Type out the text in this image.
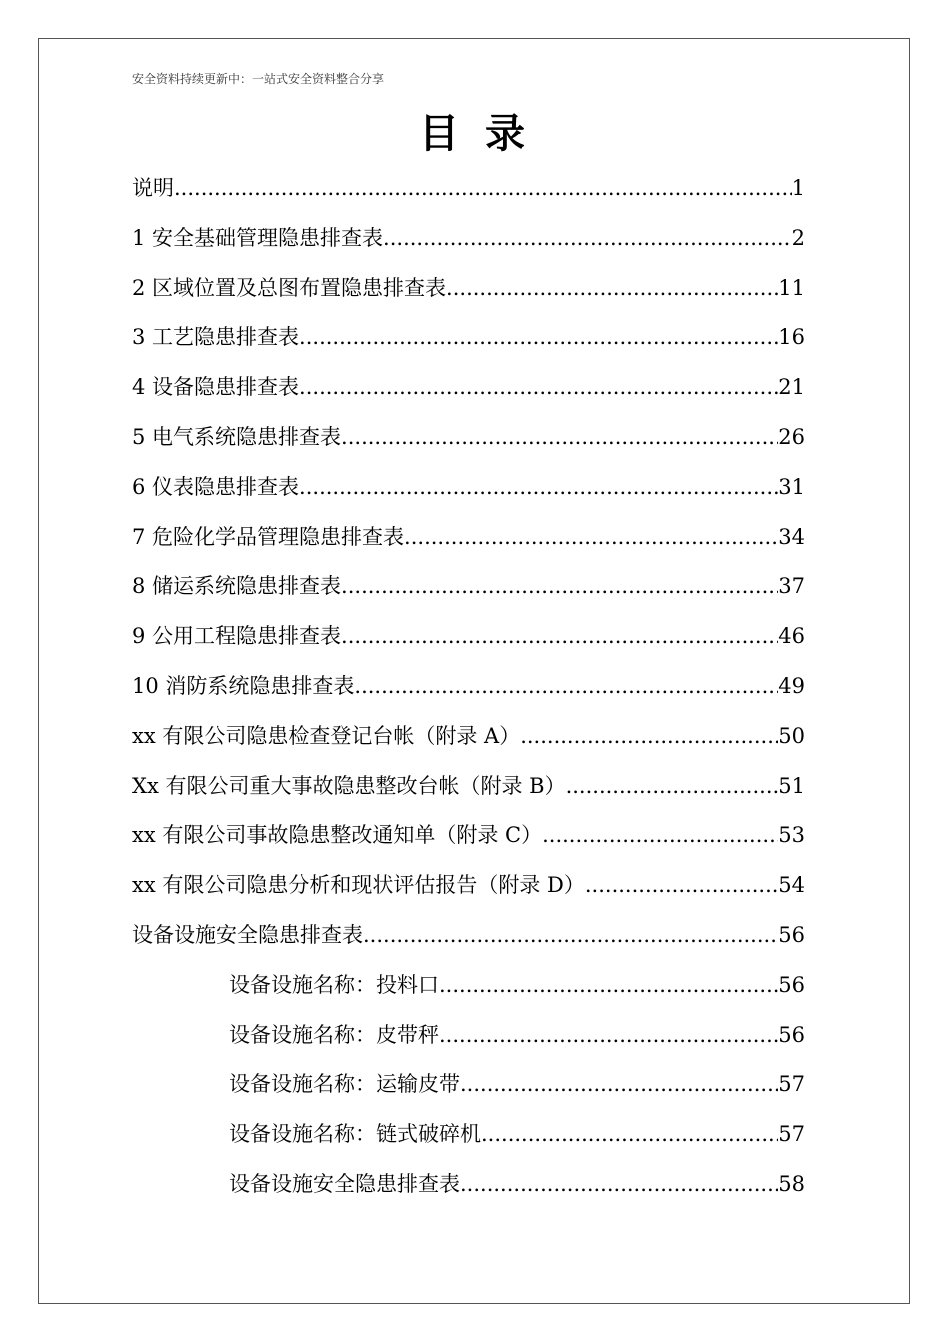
安全资料持续更新中：一站式安全资料整合分享
目 录
说明 .....	1
1 安全基础管理隐患排查表 .....	2
2 区域位置及总图布置隐患排查表 .....	11
3 工艺隐患排查表 .....	16
4 设备隐患排查表 .....	21
5 电气系统隐患排查表 .....	26
6 仪表隐患排查表 .....	31
7 危险化学品管理隐患排查表 .....	34
8 储运系统隐患排查表 .....	37
9 公用工程隐患排查表 .....	46
10 消防系统隐患排查表 .....	49
xx 有限公司隐患检查登记台帐（附录 A） .....	50
Xx 有限公司重大事故隐患整改台帐（附录 B） .....	51
xx 有限公司事故隐患整改通知单（附录 C） .....	53
xx 有限公司隐患分析和现状评估报告（附录 D） .....	54
设备设施安全隐患排查表 .....	56
设备设施名称：投料口 .....	56
设备设施名称：皮带秤 .....	56
设备设施名称：运输皮带 .....	57
设备设施名称：链式破碎机 .....	57
设备设施安全隐患排查表 .....	58
